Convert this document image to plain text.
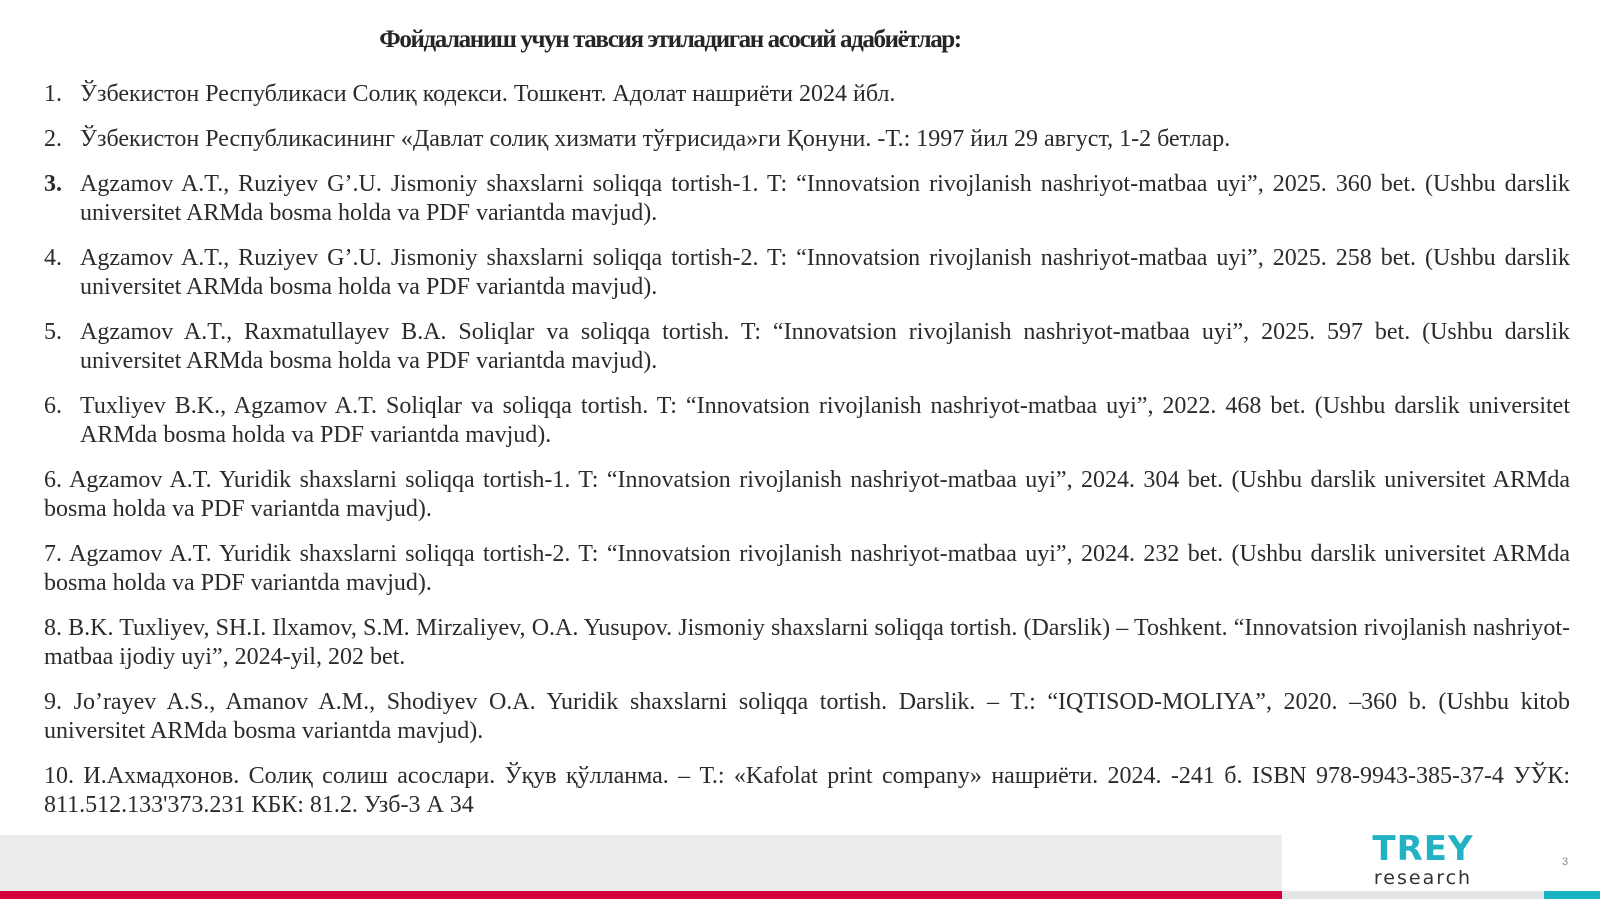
Фойдаланиш учун тавсия этиладиган асосий адабиётлар:
1. Ўзбекистон Республикаси Солиқ кодекси. Тошкент. Адолат нашриёти 2024 йбл.
2. Ўзбекистон Республикасининг «Давлат солиқ хизмати тўғрисида»ги Қонуни. -Т.: 1997 йил 29 август, 1-2 бетлар.
3. Agzamov A.T., Ruziyev G’.U. Jismoniy shaxslarni soliqqa tortish-1. T: “Innovatsion rivojlanish nashriyot-matbaa uyi”, 2025. 360 bet. (Ushbu darslik universitet ARMda bosma holda va PDF variantda mavjud).
4. Agzamov A.T., Ruziyev G’.U. Jismoniy shaxslarni soliqqa tortish-2. T: “Innovatsion rivojlanish nashriyot-matbaa uyi”, 2025. 258 bet. (Ushbu darslik universitet ARMda bosma holda va PDF variantda mavjud).
5. Agzamov A.T., Raxmatullayev B.A. Soliqlar va soliqqa tortish. T: “Innovatsion rivojlanish nashriyot-matbaa uyi”, 2025. 597 bet. (Ushbu darslik universitet ARMda bosma holda va PDF variantda mavjud).
6. Tuxliyev B.K., Agzamov A.T. Soliqlar va soliqqa tortish. T: “Innovatsion rivojlanish nashriyot-matbaa uyi”, 2022. 468 bet. (Ushbu darslik universitet ARMda bosma holda va PDF variantda mavjud).
6. Agzamov A.T. Yuridik shaxslarni soliqqa tortish-1. T: “Innovatsion rivojlanish nashriyot-matbaa uyi”, 2024. 304 bet. (Ushbu darslik universitet ARMda bosma holda va PDF variantda mavjud).
7. Agzamov A.T. Yuridik shaxslarni soliqqa tortish-2. T: “Innovatsion rivojlanish nashriyot-matbaa uyi”, 2024. 232 bet. (Ushbu darslik universitet ARMda bosma holda va PDF variantda mavjud).
8. B.K. Tuxliyev, SH.I. Ilxamov, S.M. Mirzaliyev, O.A. Yusupov. Jismoniy shaxslarni soliqqa tortish. (Darslik) – Toshkent. “Innovatsion rivojlanish nashriyot-matbaa ijodiy uyi”, 2024-yil, 202 bet.
9. Jo’rayev A.S., Amanov A.M., Shodiyev O.A. Yuridik shaxslarni soliqqa tortish. Darslik. – T.: “IQTISOD-MOLIYA”, 2020. –360 b. (Ushbu kitob universitet ARMda bosma variantda mavjud).
10. И.Ахмадхонов. Солиқ солиш асослари. Ўқув қўлланма. – Т.: «Kafolat print company» нашриёти. 2024. -241 б. ISBN 978-9943-385-37-4 УЎК: 811.512.133'373.231 КБК: 81.2. Узб-3 А 34
TREY
research
3
